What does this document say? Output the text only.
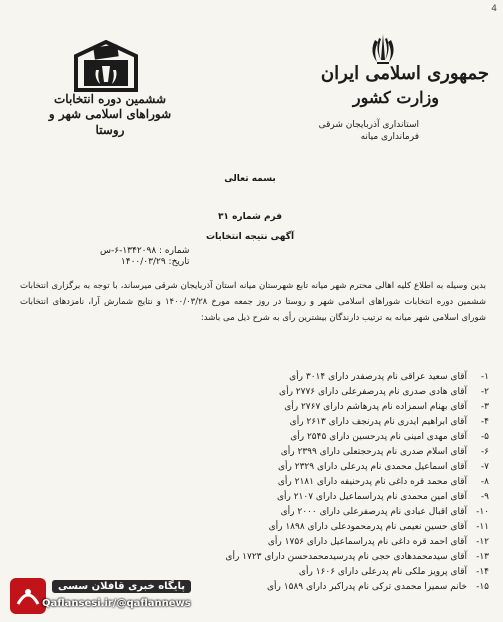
4
جمهوری اسلامی ایران
وزارت کشور
استانداری آذربایجان شرقی
فرمانداری میانه
ششمین دوره انتخابات
شوراهای اسلامی شهر و روستا
بسمه تعالی
فرم شماره ۳۱
آگهی نتیجه انتخابات
شماره : ۱۳۴۲۰۹۸-۶-س
تاریخ: ۱۴۰۰/۰۳/۲۹
بدین وسیله به اطلاع کلیه اهالی محترم شهر میانه تابع شهرستان میانه استان آذربایجان شرقی میرساند، با توجه به برگزاری انتخابات ششمین دوره انتخابات شوراهای اسلامی شهر و روستا در روز جمعه مورخ ۱۴۰۰/۰۳/۲۸ و نتایج شمارش آرا، نامزدهای انتخابات شورای اسلامی شهر میانه به ترتیب دارندگان بیشترین رأی به شرح ذیل می باشد:
۱-
آقای سعید عراقی نام پدرصفدر دارای ۳۰۱۴ رأی
۲-
آقای هادی صدری نام پدرصفرعلی دارای ۲۷۷۶ رأی
۳-
آقای بهنام اسمزاده نام پدرهاشم دارای ۲۷۶۷ رأی
۴-
آقای ابراهیم ایدری نام پدرنجف دارای ۲۶۱۳ رأی
۵-
آقای مهدی امینی نام پدرحسین دارای ۲۵۴۵ رأی
۶-
آقای اسلام صدری نام پدرحجتعلی دارای ۲۳۹۹ رأی
۷-
آقای اسماعیل محمدی نام پدرعلی دارای ۲۳۲۹ رأی
۸-
آقای محمد قره داغی نام پدرحنیفه دارای ۲۱۸۱ رأی
۹-
آقای امین محمدی نام پدراسماعیل دارای ۲۱۰۷ رأی
۱۰-
آقای اقبال عبادی نام پدرصفرعلی دارای ۲۰۰۰ رأی
۱۱-
آقای حسین نعیمی نام پدرمحمودعلی دارای ۱۸۹۸ رأی
۱۲-
آقای احمد قره داغی نام پدراسماعیل دارای ۱۷۵۶ رأی
۱۳-
آقای سیدمحمدهادی حجی نام پدرسیدمحمدحسن دارای ۱۷۲۳ رأی
۱۴-
آقای پرویز ملکی نام پدرعلی دارای ۱۶۰۶ رأی
۱۵-
خانم سمیرا محمدی ترکی نام پدراکبر دارای ۱۵۸۹ رأی
پایگاه خبری قافلان سسی
Qaflansesi.ir/@qaflannews
